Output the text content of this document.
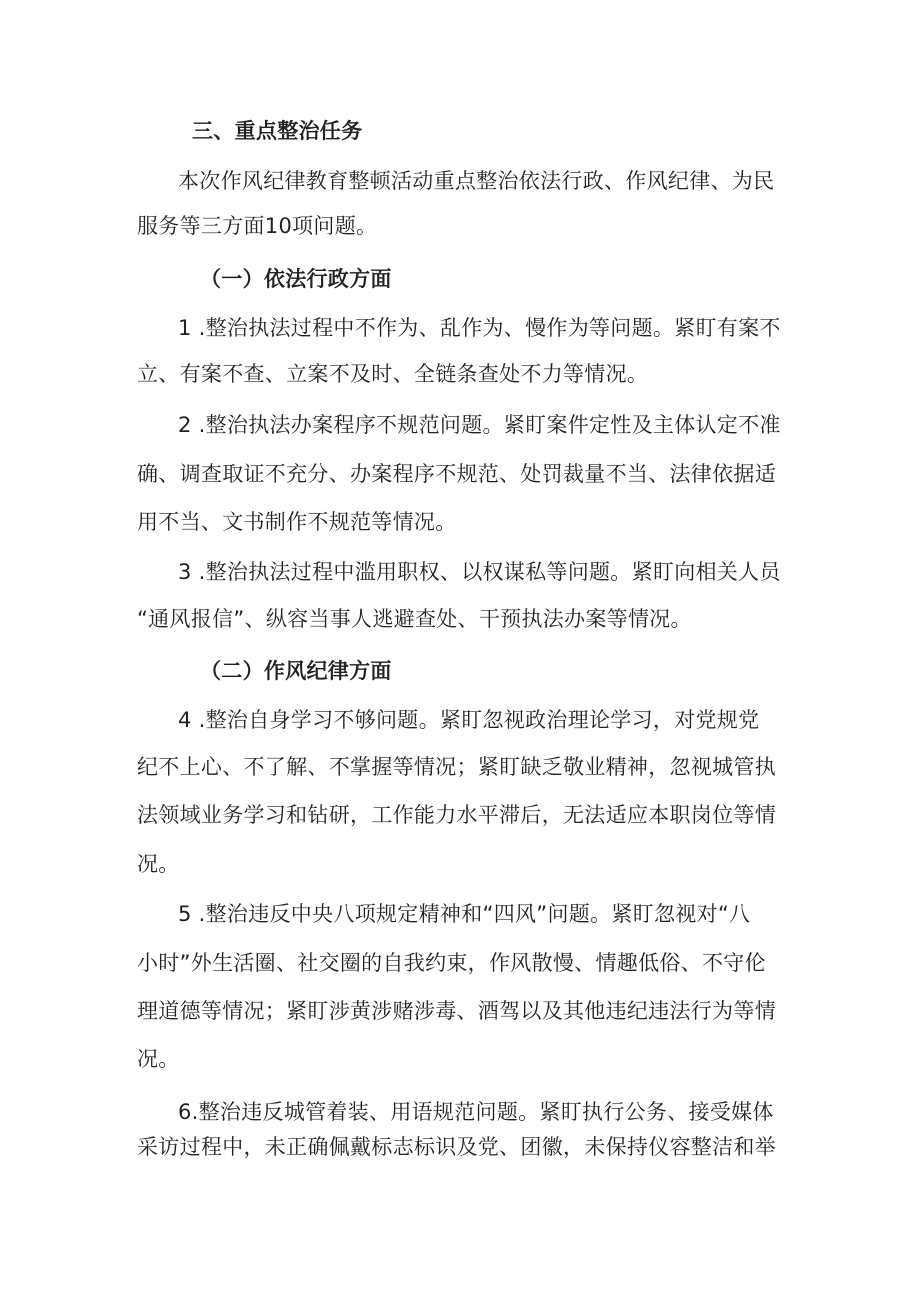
三、重点整治任务
本次作风纪律教育整顿活动重点整治依法行政、作风纪律、为民
服务等三方面10项问题。
（一）依法行政方面
1 .整治执法过程中不作为、乱作为、慢作为等问题。紧盯有案不
立、有案不查、立案不及时、全链条查处不力等情况。
2 .整治执法办案程序不规范问题。紧盯案件定性及主体认定不准
确、调查取证不充分、办案程序不规范、处罚裁量不当、法律依据适
用不当、文书制作不规范等情况。
3 .整治执法过程中滥用职权、以权谋私等问题。紧盯向相关人员
“通风报信”、纵容当事人逃避查处、干预执法办案等情况。
（二）作风纪律方面
4 .整治自身学习不够问题。紧盯忽视政治理论学习，对党规党
纪不上心、不了解、不掌握等情况；紧盯缺乏敬业精神，忽视城管执
法领域业务学习和钻研，工作能力水平滞后，无法适应本职岗位等情
况。
5 .整治违反中央八项规定精神和“四风”问题。紧盯忽视对“八
小时”外生活圈、社交圈的自我约束，作风散慢、情趣低俗、不守伦
理道德等情况；紧盯涉黄涉赌涉毒、酒驾以及其他违纪违法行为等情
况。
6.整治违反城管着装、用语规范问题。紧盯执行公务、接受媒体
采访过程中，未正确佩戴标志标识及党、团徽，未保持仪容整洁和举
